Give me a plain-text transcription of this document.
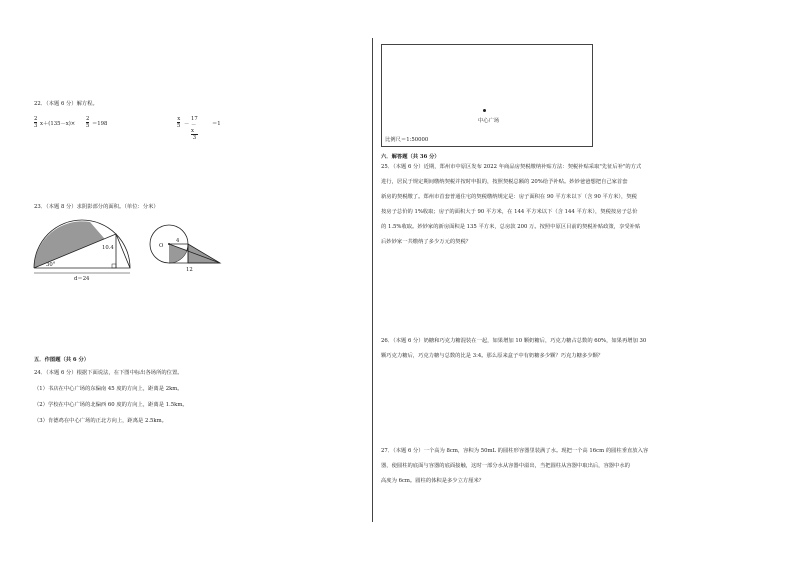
22．（本题 6 分）解方程。
2
3 x＋(135－x)×
2
5 ＝198
x
5 －
17－x
3
＝1
23．（本题 8 分）求阴影部分的面积。（单位：分米）
10.4
30°
d＝24
O
4
12
五．作图题（共 6 分）
24．（本题 6 分）根据下面说法，在下图中标出各场所的位置。
（1）书店在中心广场的东偏南 45 度的方向上，距离是 2km。
（2）学校在中心广场的北偏西 60 度的方向上，距离是 1.5km。
（3）肯德鸡在中心广场的正北方向上，距离是 2.5km。
中心广场
比例尺＝1:50000
六．解答题（共 36 分）
25．（本题 6 分）近期，郑州市中原区发布 2022 年商品房契税缴纳补贴方法：契税补贴采取"先征后补"的方式
进行，居民于规定期间缴纳契税并按时申报的，按照契税总额的 20%给予补贴。妙妙爸爸想把自己家首套
新房的契税缴了。郑州市首套普通住宅的契税缴纳规定是：房子面积在 90 平方米以下（含 90 平方米），契税
按房子总价的 1%收取；房子的面积大于 90 平方米，在 144 平方米以下（含 144 平方米），契税按房子总价
的 1.5%收取。妙妙家的新房面积是 135 平方米，总房款 200 万。按照中原区目前的契税补贴政策，享受补贴
后妙妙家一共缴纳了多少万元的契税？
26．（本题 6 分）奶糖和巧克力糖混装在一起，如果增加 10 颗奶糖后，巧克力糖占总数的 60%，如果再增加 30
颗巧克力糖后，巧克力糖与总数的比是 3:4。那么原来盒子中有奶糖多少颗？巧克力糖多少颗？
27．（本题 6 分）一个高为 8cm，容积为 50mL 的圆柱形容器里装满了水。现把一个高 16cm 的圆柱垂直放入容
器，使圆柱的底面与容器的底面接触，这时一部分水从容器中溢出，当把圆柱从容器中取出后，容器中水的
高度为 6cm。圆柱的体积是多少立方厘米？
